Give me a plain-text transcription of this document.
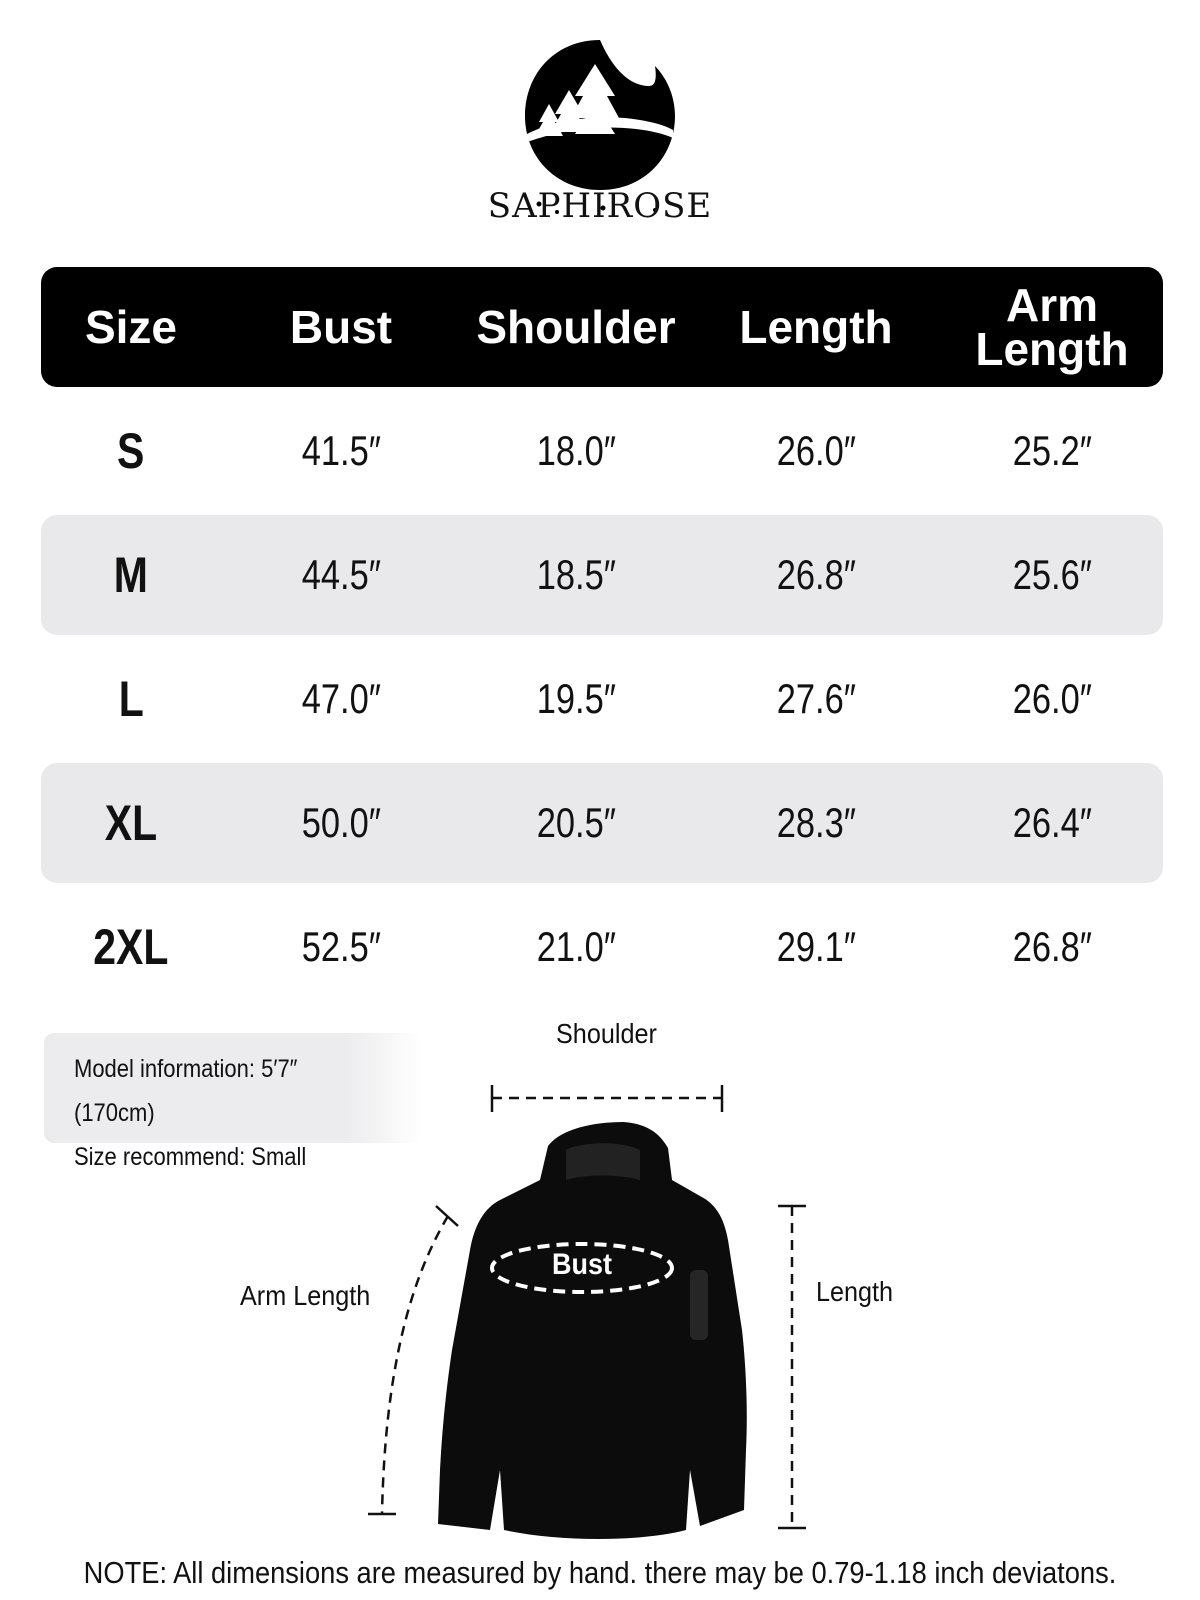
SAPHIROSE
Size	Bust	Shoulder	Length	Arm
Length
S	41.5″	18.0″	26.0″	25.2″
M	44.5″	18.5″	26.8″	25.6″
L	47.0″	19.5″	27.6″	26.0″
XL	50.0″	20.5″	28.3″	26.4″
2XL	52.5″	21.0″	29.1″	26.8″
Model information: 5′7″ (170cm)
Size recommend: Small
Shoulder
Bust
Arm Length	Length
NOTE: All dimensions are measured by hand. there may be 0.79-1.18 inch deviatons.
